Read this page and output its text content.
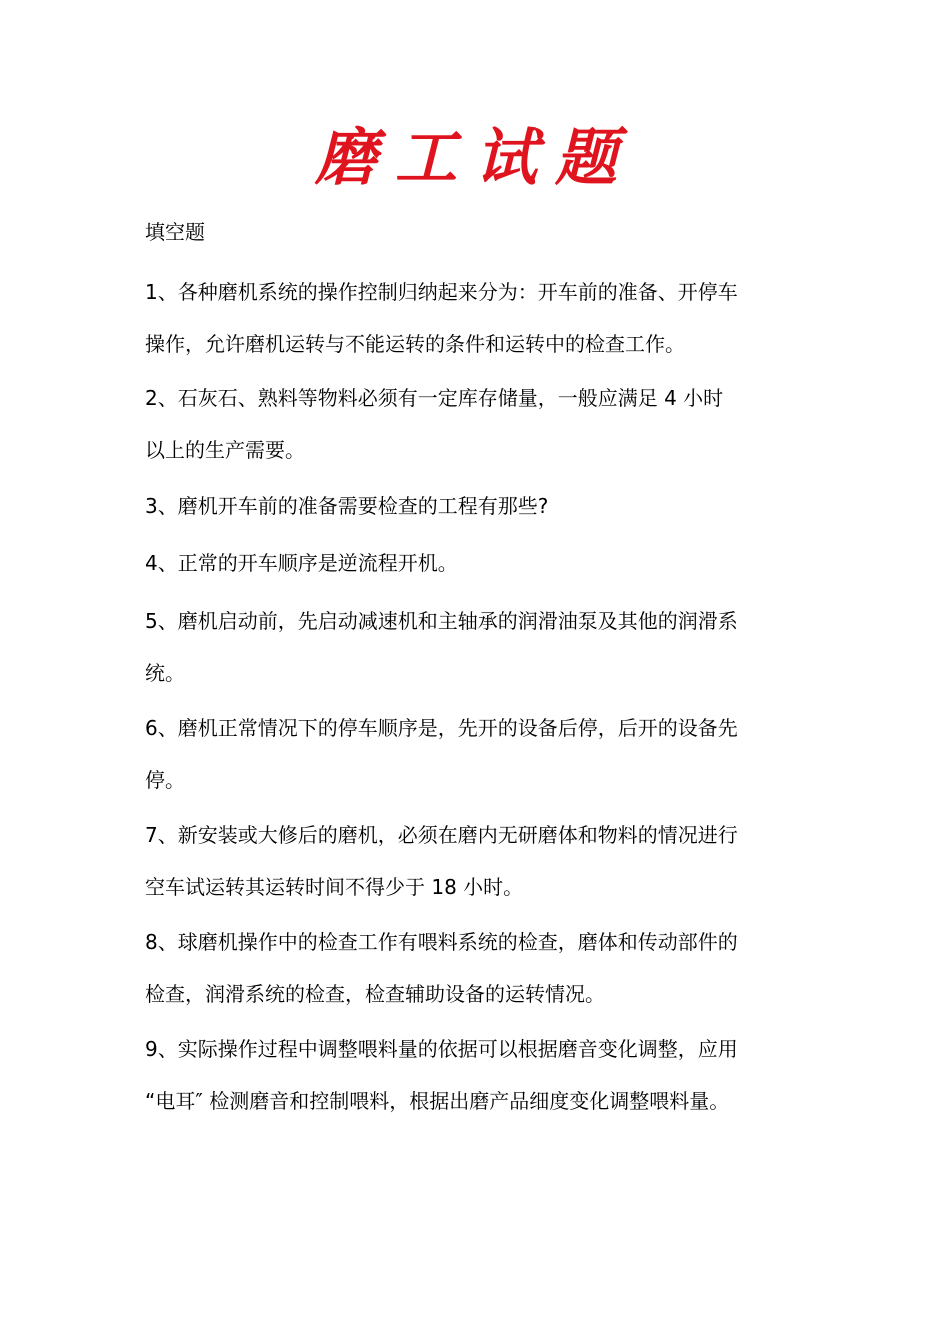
磨工试题
填空题
1、各种磨机系统的操作控制归纳起来分为：开车前的准备、开停车
操作，允许磨机运转与不能运转的条件和运转中的检查工作。
2、石灰石、熟料等物料必须有一定库存储量，一般应满足 4 小时
以上的生产需要。
3、磨机开车前的准备需要检查的工程有那些?
4、正常的开车顺序是逆流程开机。
5、磨机启动前，先启动减速机和主轴承的润滑油泵及其他的润滑系
统。
6、磨机正常情况下的停车顺序是，先开的设备后停，后开的设备先
停。
7、新安装或大修后的磨机，必须在磨内无研磨体和物料的情况进行
空车试运转其运转时间不得少于 18 小时。
8、球磨机操作中的检查工作有喂料系统的检查，磨体和传动部件的
检查，润滑系统的检查，检查辅助设备的运转情况。
9、实际操作过程中调整喂料量的依据可以根据磨音变化调整，应用
“电耳″ 检测磨音和控制喂料，根据出磨产品细度变化调整喂料量。
